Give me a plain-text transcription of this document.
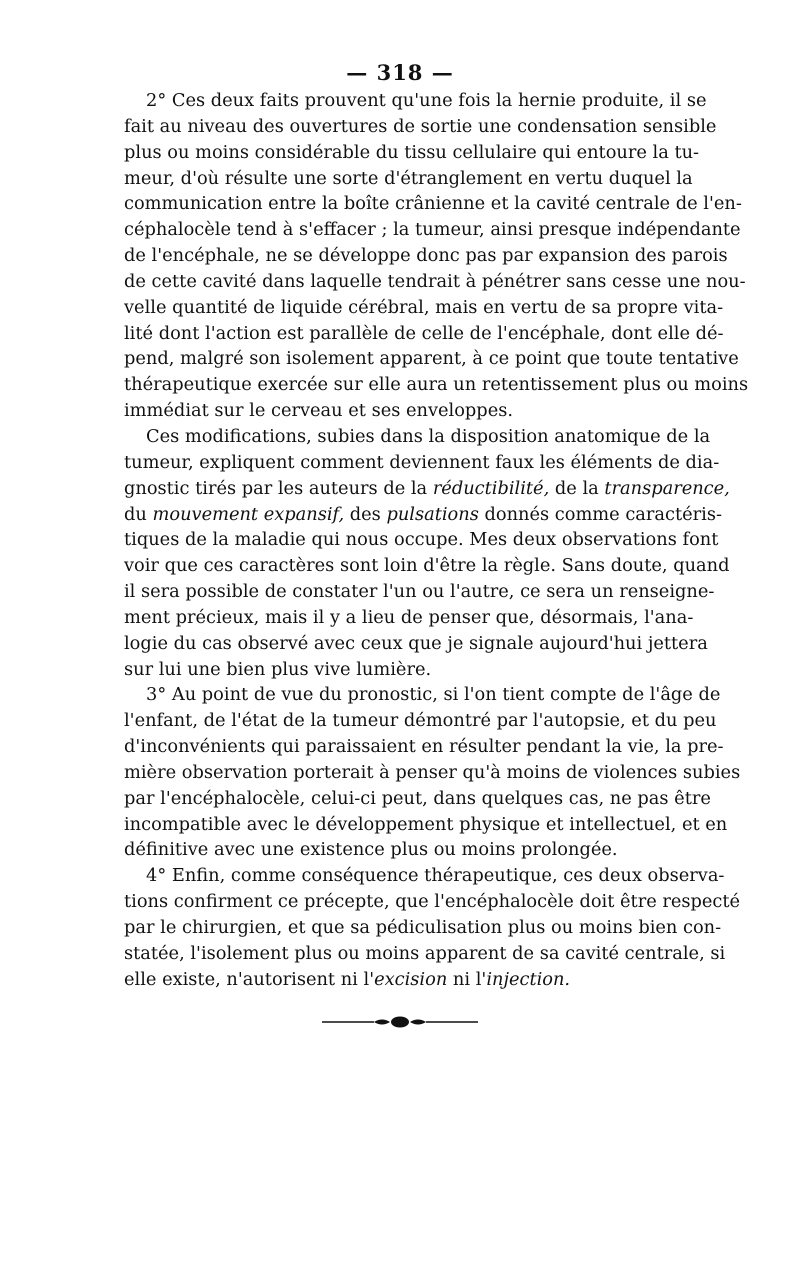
— 318 —
2° Ces deux faits prouvent qu'une fois la hernie produite, il se
fait au niveau des ouvertures de sortie une condensation sensible
plus ou moins considérable du tissu cellulaire qui entoure la tu-
meur, d'où résulte une sorte d'étranglement en vertu duquel la
communication entre la boîte crânienne et la cavité centrale de l'en-
céphalocèle tend à s'effacer ; la tumeur, ainsi presque indépendante
de l'encéphale, ne se développe donc pas par expansion des parois
de cette cavité dans laquelle tendrait à pénétrer sans cesse une nou-
velle quantité de liquide cérébral, mais en vertu de sa propre vita-
lité dont l'action est parallèle de celle de l'encéphale, dont elle dé-
pend, malgré son isolement apparent, à ce point que toute tentative
thérapeutique exercée sur elle aura un retentissement plus ou moins
immédiat sur le cerveau et ses enveloppes.
Ces modifications, subies dans la disposition anatomique de la
tumeur, expliquent comment deviennent faux les éléments de dia-
gnostic tirés par les auteurs de la réductibilité, de la transparence,
du mouvement expansif, des pulsations donnés comme caractéris-
tiques de la maladie qui nous occupe. Mes deux observations font
voir que ces caractères sont loin d'être la règle. Sans doute, quand
il sera possible de constater l'un ou l'autre, ce sera un renseigne-
ment précieux, mais il y a lieu de penser que, désormais, l'ana-
logie du cas observé avec ceux que je signale aujourd'hui jettera
sur lui une bien plus vive lumière.
3° Au point de vue du pronostic, si l'on tient compte de l'âge de
l'enfant, de l'état de la tumeur démontré par l'autopsie, et du peu
d'inconvénients qui paraissaient en résulter pendant la vie, la pre-
mière observation porterait à penser qu'à moins de violences subies
par l'encéphalocèle, celui-ci peut, dans quelques cas, ne pas être
incompatible avec le développement physique et intellectuel, et en
définitive avec une existence plus ou moins prolongée.
4° Enfin, comme conséquence thérapeutique, ces deux observa-
tions confirment ce précepte, que l'encéphalocèle doit être respecté
par le chirurgien, et que sa pédiculisation plus ou moins bien con-
statée, l'isolement plus ou moins apparent de sa cavité centrale, si
elle existe, n'autorisent ni l'excision ni l'injection.
